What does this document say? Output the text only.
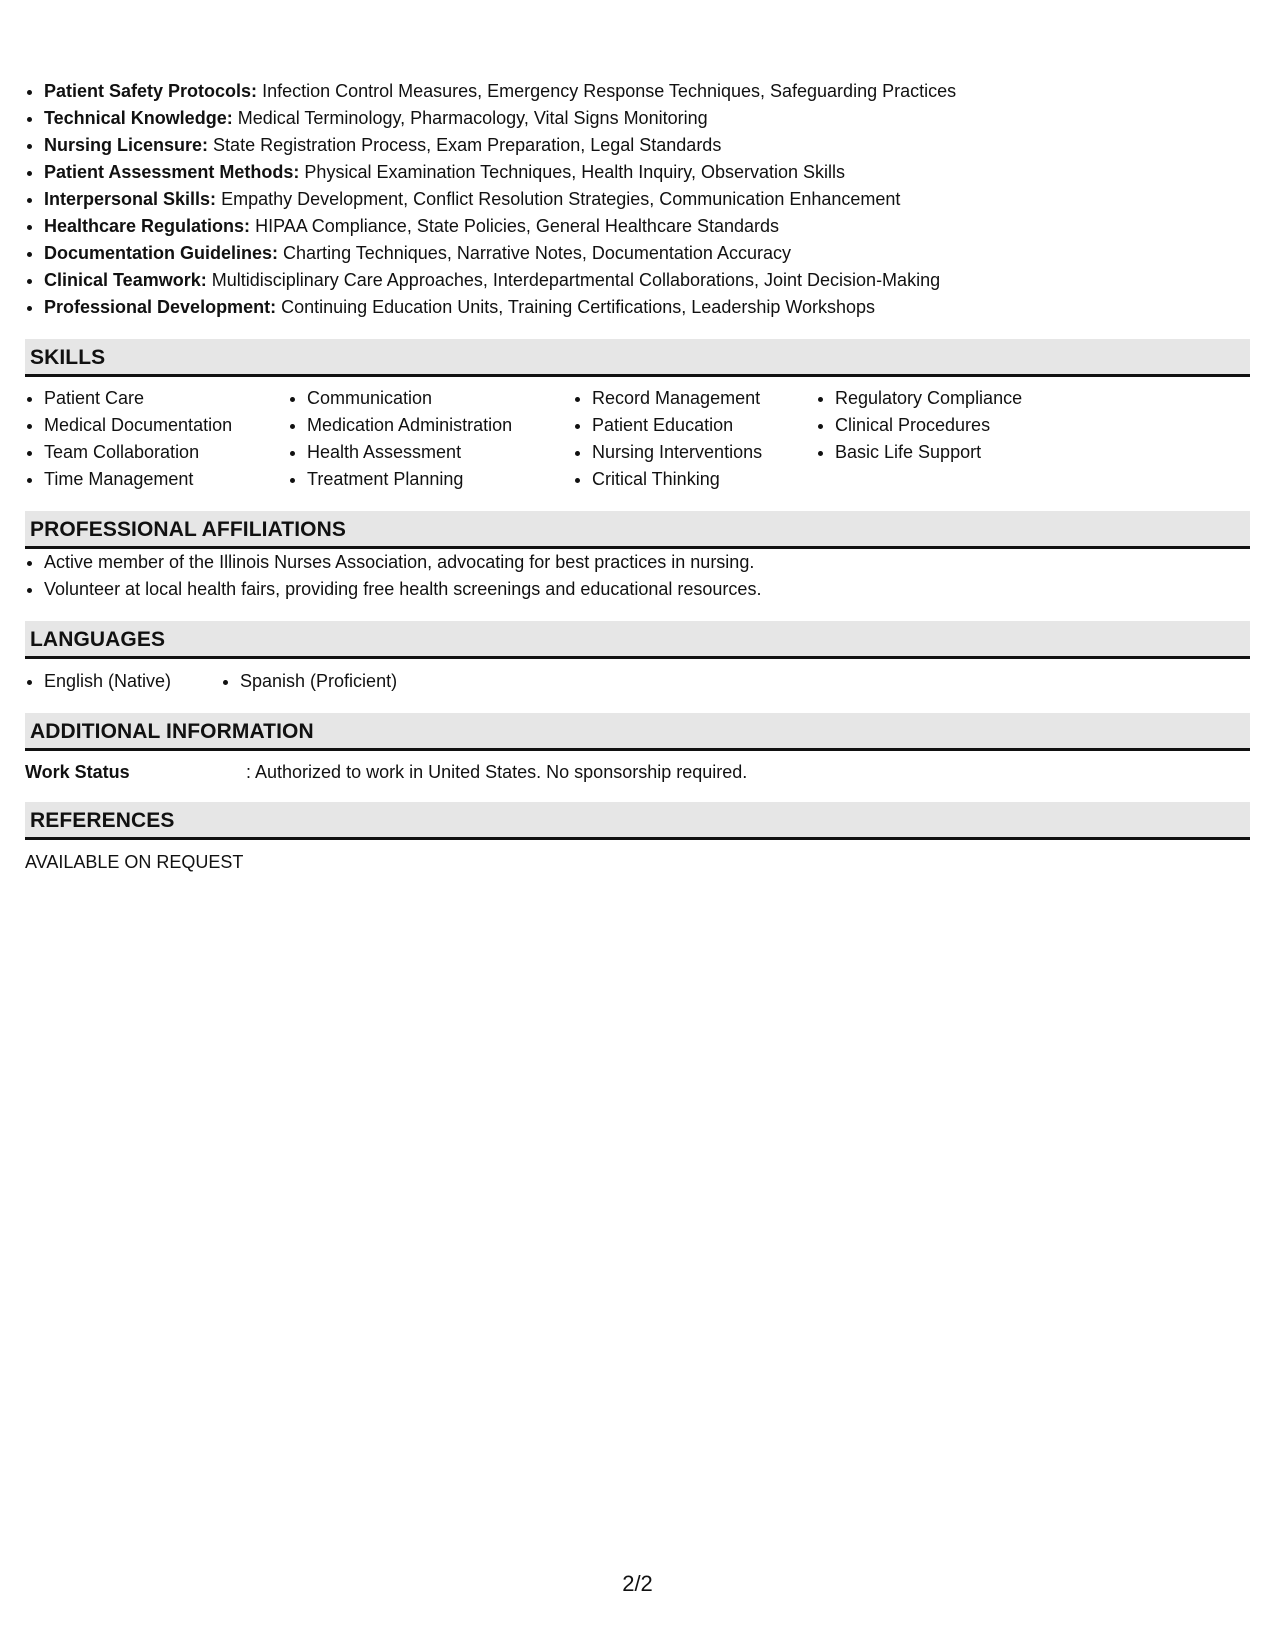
• Patient Safety Protocols: Infection Control Measures, Emergency Response Techniques, Safeguarding Practices
• Technical Knowledge: Medical Terminology, Pharmacology, Vital Signs Monitoring
• Nursing Licensure: State Registration Process, Exam Preparation, Legal Standards
• Patient Assessment Methods: Physical Examination Techniques, Health Inquiry, Observation Skills
• Interpersonal Skills: Empathy Development, Conflict Resolution Strategies, Communication Enhancement
• Healthcare Regulations: HIPAA Compliance, State Policies, General Healthcare Standards
• Documentation Guidelines: Charting Techniques, Narrative Notes, Documentation Accuracy
• Clinical Teamwork: Multidisciplinary Care Approaches, Interdepartmental Collaborations, Joint Decision-Making
• Professional Development: Continuing Education Units, Training Certifications, Leadership Workshops
SKILLS
• Patient Care
• Medical Documentation
• Team Collaboration
• Time Management
• Communication
• Medication Administration
• Health Assessment
• Treatment Planning
• Record Management
• Patient Education
• Nursing Interventions
• Critical Thinking
• Regulatory Compliance
• Clinical Procedures
• Basic Life Support
PROFESSIONAL AFFILIATIONS
• Active member of the Illinois Nurses Association, advocating for best practices in nursing.
• Volunteer at local health fairs, providing free health screenings and educational resources.
LANGUAGES
• English (Native)
•	Spanish (Proficient)
ADDITIONAL INFORMATION
Work Status	: Authorized to work in United States. No sponsorship required.
REFERENCES
AVAILABLE ON REQUEST
2/2
